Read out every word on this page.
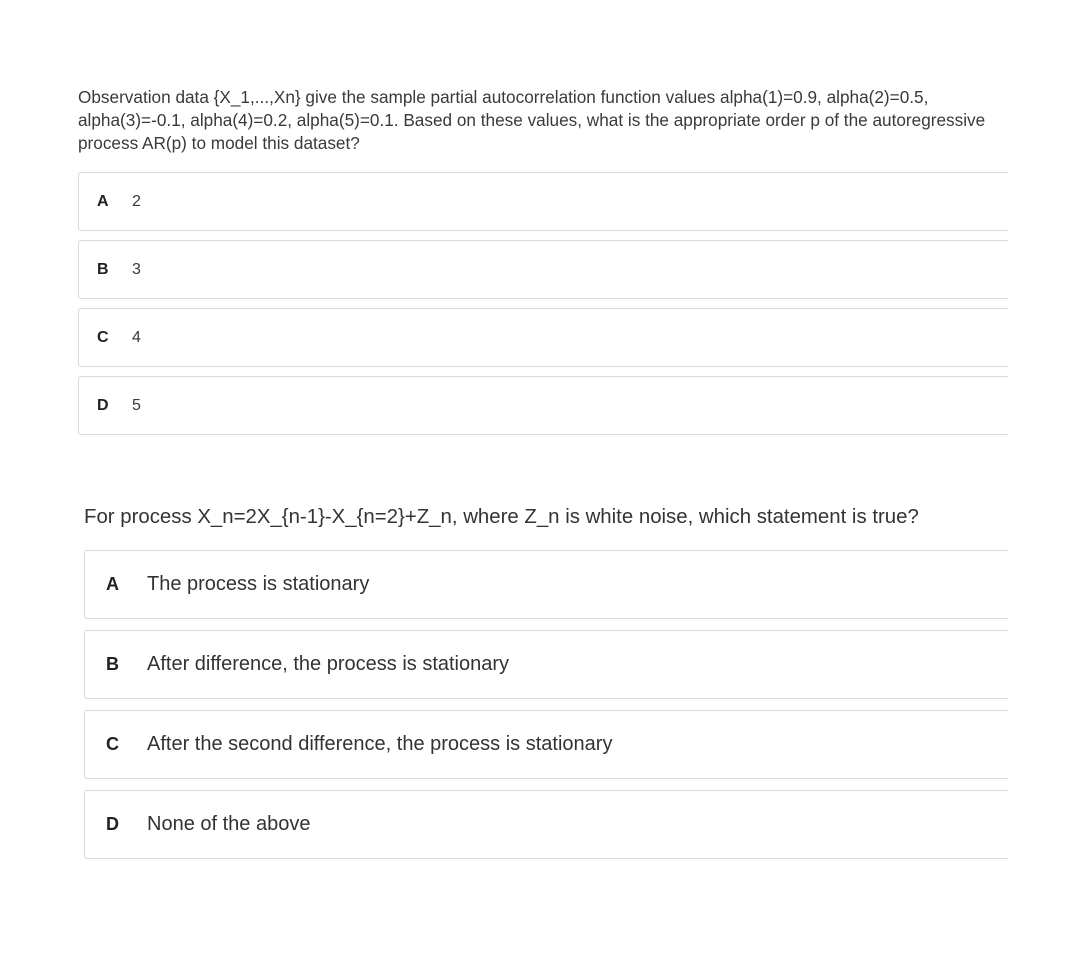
Observation data {X_1,...,Xn} give the sample partial autocorrelation function values alpha(1)=0.9, alpha(2)=0.5, alpha(3)=-0.1, alpha(4)=0.2, alpha(5)=0.1. Based on these values, what is the appropriate order p of the autoregressive process AR(p) to model this dataset?

A	2
B	3
C	4
D	5

For process X_n=2X_{n-1}-X_{n=2}+Z_n, where Z_n is white noise, which statement is true?

A	The process is stationary
B	After difference, the process is stationary
C	After the second difference, the process is stationary
D	None of the above
